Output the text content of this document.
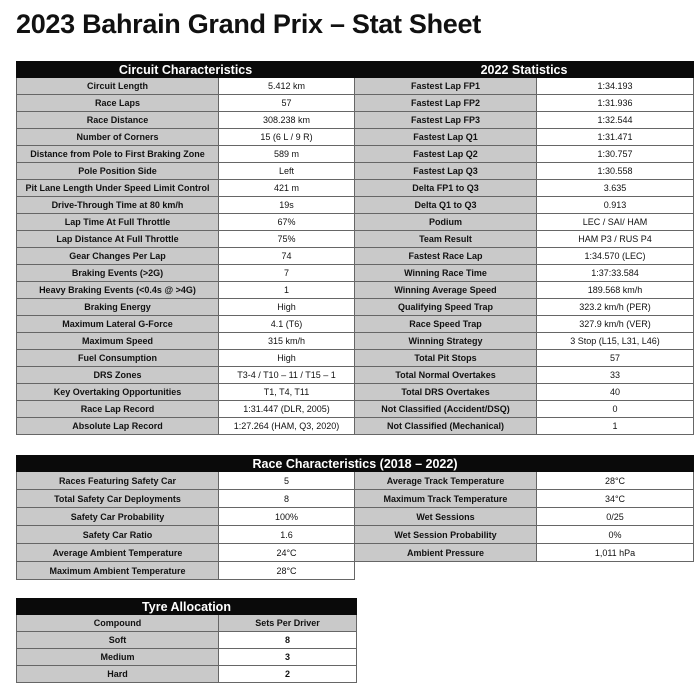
2023 Bahrain Grand Prix – Stat Sheet
Circuit Characteristics		2022 Statistics	
Circuit Length	5.412 km	Fastest Lap FP1	1:34.193
Race Laps	57	Fastest Lap FP2	1:31.936
Race Distance	308.238 km	Fastest Lap FP3	1:32.544
Number of Corners	15 (6 L / 9 R)	Fastest Lap Q1	1:31.471
Distance from Pole to First Braking Zone	589 m	Fastest Lap Q2	1:30.757
Pole Position Side	Left	Fastest Lap Q3	1:30.558
Pit Lane Length Under Speed Limit Control	421 m	Delta FP1 to Q3	3.635
Drive-Through Time at 80 km/h	19s	Delta Q1 to Q3	0.913
Lap Time At Full Throttle	67%	Podium	LEC / SAI/ HAM
Lap Distance At Full Throttle	75%	Team Result	HAM P3 / RUS P4
Gear Changes Per Lap	74	Fastest Race Lap	1:34.570 (LEC)
Braking Events (>2G)	7	Winning Race Time	1:37:33.584
Heavy Braking Events (<0.4s @ >4G)	1	Winning Average Speed	189.568 km/h
Braking Energy	High	Qualifying Speed Trap	323.2 km/h (PER)
Maximum Lateral G-Force	4.1 (T6)	Race Speed Trap	327.9 km/h (VER)
Maximum Speed	315 km/h	Winning Strategy	3 Stop (L15, L31, L46)
Fuel Consumption	High	Total Pit Stops	57
DRS Zones	T3-4 / T10 – 11 / T15 – 1	Total Normal Overtakes	33
Key Overtaking Opportunities	T1, T4, T11	Total DRS Overtakes	40
Race Lap Record	1:31.447 (DLR, 2005)	Not Classified (Accident/DSQ)	0
Absolute Lap Record	1:27.264 (HAM, Q3, 2020)	Not Classified (Mechanical)	1
Race Characteristics (2018 – 2022)			
Races Featuring Safety Car	5	Average Track Temperature	28°C
Total Safety Car Deployments	8	Maximum Track Temperature	34°C
Safety Car Probability	100%	Wet Sessions	0/25
Safety Car Ratio	1.6	Wet Session Probability	0%
Average Ambient Temperature	24°C	Ambient Pressure	1,011 hPa
Maximum Ambient Temperature	28°C		
Tyre Allocation	
Compound	Sets Per Driver
Soft	8
Medium	3
Hard	2
